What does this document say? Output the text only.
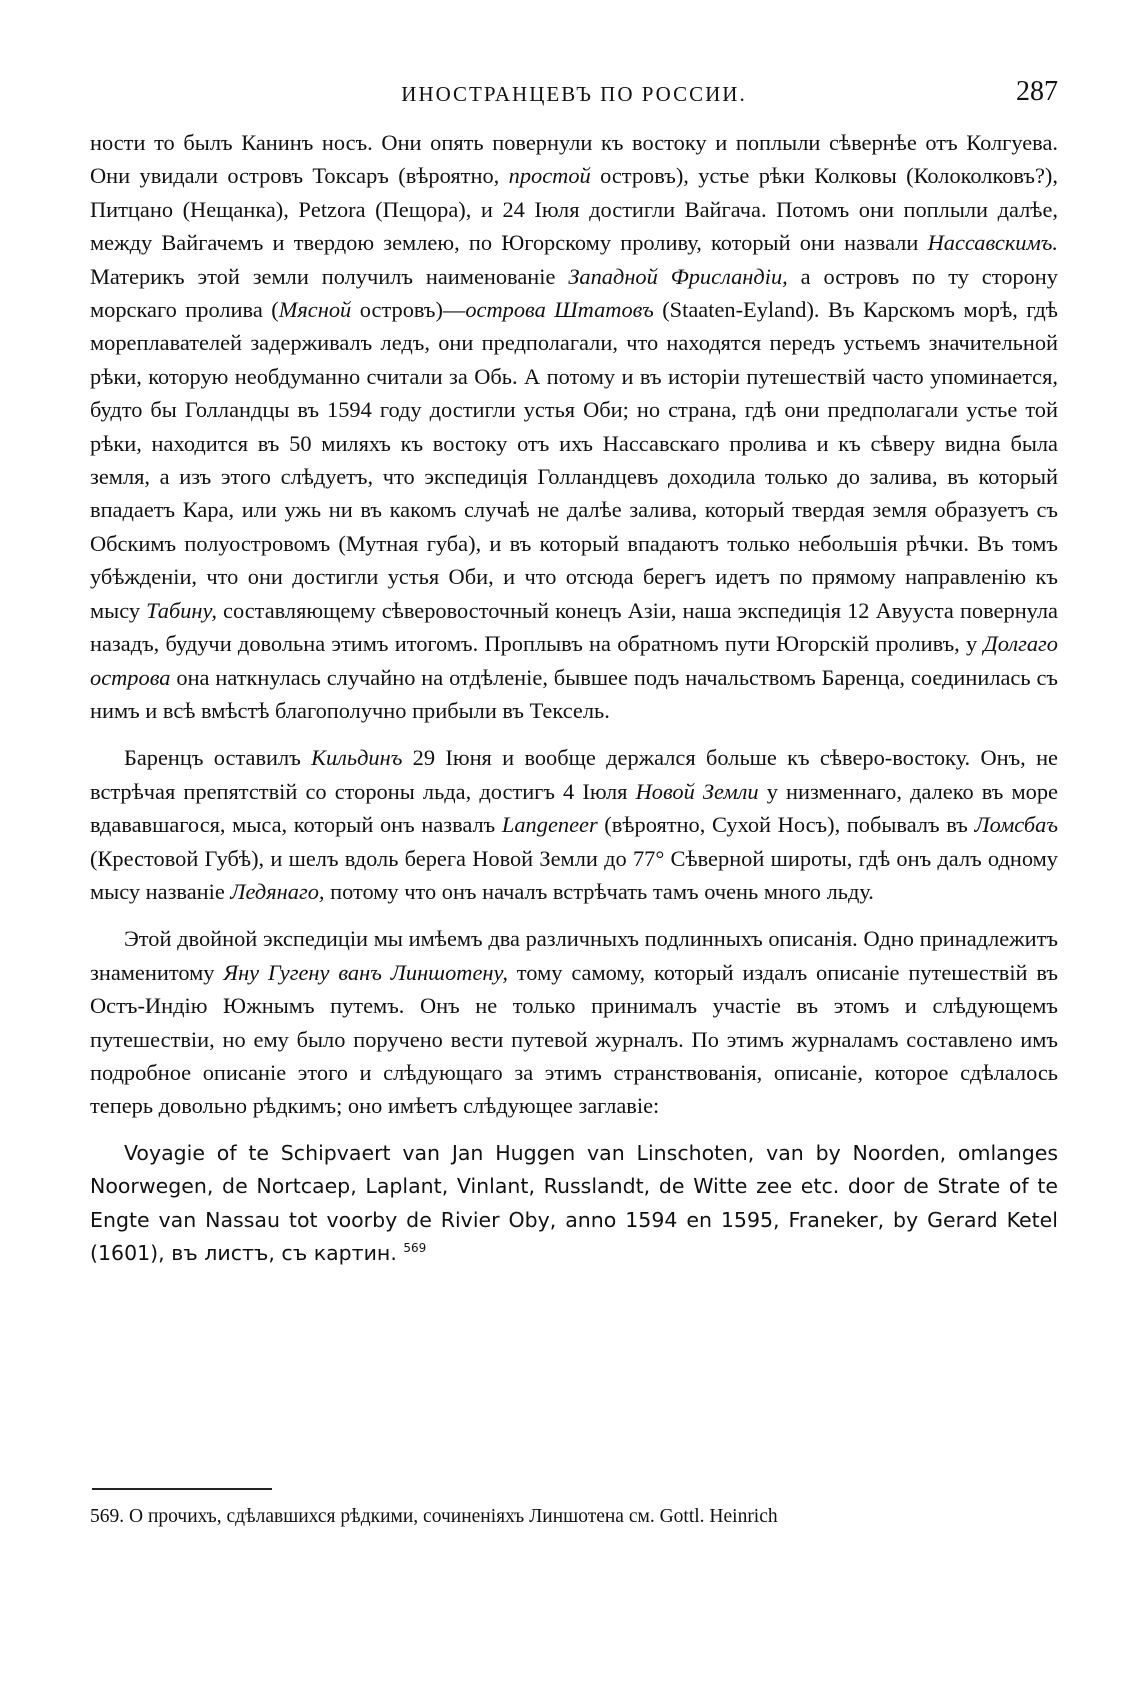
ИНОСТРАНЦЕВЪ ПО РОССИИ.	287

ности то былъ Канинъ носъ. Они опять повернули къ востоку и поплыли сѣвернѣе отъ Колгуева. Они увидали островъ Токсаръ (вѣроятно, простой островъ), устье рѣки Колковы (Колоколковъ?), Питцано (Нещанка), Petzora (Пещора), и 24 Іюля достигли Вайгача. Потомъ они поплыли далѣе, между Вайгачемъ и твердою землею, по Югорскому проливу, который они назвали Нассавскимъ. Материкъ этой земли получилъ наименованіе Западной Фрисландіи, а островъ по ту сторону морскаго пролива (Мясной островъ)—острова Штатовъ (Staaten-Eyland). Въ Карскомъ морѣ, гдѣ мореплавателей задерживалъ ледъ, они предполагали, что находятся передъ устьемъ значительной рѣки, которую необдуманно считали за Обь. А потому и въ исторіи путешествій часто упоминается, будто бы Голландцы въ 1594 году достигли устья Оби; но страна, гдѣ они предполагали устье той рѣки, находится въ 50 миляхъ къ востоку отъ ихъ Нассавскаго пролива и къ сѣверу видна была земля, а изъ этого слѣдуетъ, что экспедиція Голландцевъ доходила только до залива, въ который впадаетъ Кара, или ужь ни въ какомъ случаѣ не далѣе залива, который твердая земля образуетъ съ Обскимъ полуостровомъ (Мутная губа), и въ который впадаютъ только небольшія рѣчки. Въ томъ убѣжденіи, что они достигли устья Оби, и что отсюда берегъ идетъ по прямому направленію къ мысу Табину, составляющему сѣверовосточный конецъ Азіи, наша экспедиція 12 Авууста повернула назадъ, будучи довольна этимъ итогомъ. Проплывъ на обратномъ пути Югорскій проливъ, у Долгаго острова она наткнулась случайно на отдѣленіе, бывшее подъ начальствомъ Баренца, соединилась съ нимъ и всѣ вмѣстѣ благополучно прибыли въ Тексель.

Баренцъ оставилъ Кильдинъ 29 Іюня и вообще держался больше къ сѣверо-востоку. Онъ, не встрѣчая препятствій со стороны льда, достигъ 4 Іюля Новой Земли у низменнаго, далеко въ море вдававшагося, мыса, который онъ назвалъ Langeneer (вѣроятно, Сухой Носъ), побывалъ въ Ломсбаъ (Крестовой Губѣ), и шелъ вдоль берега Новой Земли до 77° Сѣверной широты, гдѣ онъ далъ одному мысу названіе Ледянаго, потому что онъ началъ встрѣчать тамъ очень много льду.

Этой двойной экспедиціи мы имѣемъ два различныхъ подлинныхъ описанія. Одно принадлежитъ знаменитому Яну Гугену ванъ Линшотену, тому самому, который издалъ описаніе путешествій въ Остъ-Индію Южнымъ путемъ. Онъ не только принималъ участіе въ этомъ и слѣдующемъ путешествіи, но ему было поручено вести путевой журналъ. По этимъ журналамъ составлено имъ подробное описаніе этого и слѣдующаго за этимъ странствованія, описаніе, которое сдѣлалось теперь довольно рѣдкимъ; оно имѣетъ слѣдующее заглавіе:

Voyagie of te Schipvaert van Jan Huggen van Linschoten, van by Noorden, omlanges Noorwegen, de Nortcaep, Laplant, Vinlant, Russlandt, de Witte zee etc. door de Strate of te Engte van Nassau tot voorby de Rivier Oby, anno 1594 en 1595, Franeker, by Gerard Ketel (1601), въ листъ, съ картин. $^{569}$

569. О прочихъ, сдѣлавшихся рѣдкими, сочиненіяхъ Линшотена см. Gottl. Heinrich
